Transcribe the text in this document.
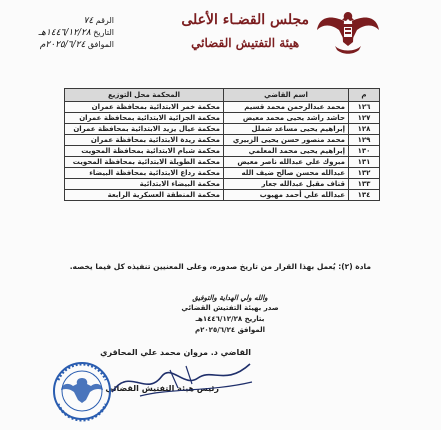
مجلس القضـاء الأعلى
هيئة التفتيش القضائي
الرقم ٧٤
التاريخ ١٤٤٦/١٢/٢٨هـ
الموافق ٢٠٢٥/٦/٢٤م
م	اسم القاضي	المحكمة محل التوزيع
١٢٦	محمد عبدالرحمن محمد قسيم	محكمة خمر الابتدائية بمحافظة عمران
١٢٧	حاشد راشد يحيى محمد معيض	محكمة الجزائية الابتدائية بمحافظة عمران
١٢٨	إبراهيم يحيى مساعد شملل	محكمة عيال يزيد الابتدائية بمحافظة عمران
١٢٩	محمد منصور حسن يحيى الزبيري	محكمة ريدة الابتدائية بمحافظة عمران
١٣٠	إبراهيم يحيى محمد المعلمي	محكمة شبام الابتدائية بمحافظة المحويت
١٣١	مبروك علي عبدالله ناصر معيض	محكمة الطويلة الابتدائية بمحافظة المحويت
١٣٢	عبدالله محسن صالح ضيف الله	محكمة رداع الابتدائية بمحافظة البيضاء
١٣٣	قناف مقبل عبدالله جعار	محكمة البيضاء الابتدائية
١٣٤	عبدالله علي أحمد مهيوب	محكمة المنطقة العسكرية الرابعة
مادة (٢): يُعمل بهذا القرار من تاريخ صدوره، وعلى المعنيين تنفيذه كل فيما يخصه.
والله ولي الهداية والتوفيق
صدر بهيئة التفتيش القضائي
بتاريخ ١٤٤٦/١٢/٢٨هـ
الموافق ٢٠٢٥/٦/٢٤م
القاضي د. مروان محمد علي المحاقري
رئيس هيئة التفتيش القضائي
